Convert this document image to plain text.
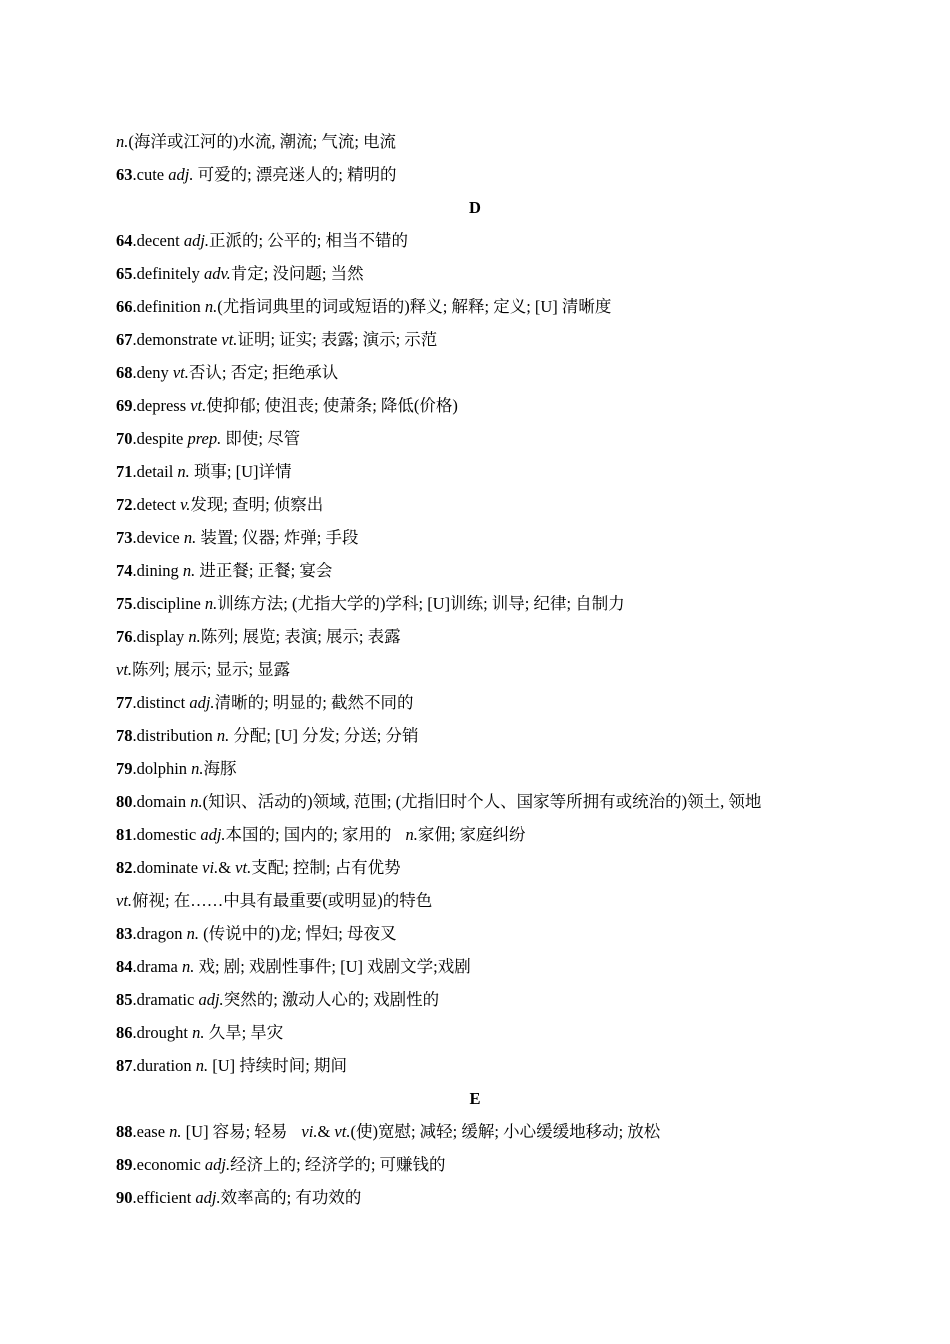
n.(海洋或江河的)水流, 潮流; 气流; 电流
63.cute adj. 可爱的; 漂亮迷人的; 精明的
D
64.decent adj.正派的; 公平的; 相当不错的
65.definitely adv.肯定; 没问题; 当然
66.definition n.(尤指词典里的词或短语的)释义; 解释; 定义; [U] 清晰度
67.demonstrate vt.证明; 证实; 表露; 演示; 示范
68.deny vt.否认; 否定; 拒绝承认
69.depress vt.使抑郁; 使沮丧; 使萧条; 降低(价格)
70.despite prep. 即使; 尽管
71.detail n. 琐事; [U]详情
72.detect v.发现; 查明; 侦察出
73.device n. 装置; 仪器; 炸弹; 手段
74.dining n. 进正餐; 正餐; 宴会
75.discipline n.训练方法; (尤指大学的)学科; [U]训练; 训导; 纪律; 自制力
76.display n.陈列; 展览; 表演; 展示; 表露
vt.陈列; 展示; 显示; 显露
77.distinct adj.清晰的; 明显的; 截然不同的
78.distribution n. 分配; [U] 分发; 分送; 分销
79.dolphin n.海豚
80.domain n.(知识、活动的)领域, 范围; (尤指旧时个人、国家等所拥有或统治的)领土, 领地
81.domestic adj.本国的; 国内的; 家用的 n.家佣; 家庭纠纷
82.dominate vi.& vt.支配; 控制; 占有优势
vt.俯视; 在……中具有最重要(或明显)的特色
83.dragon n. (传说中的)龙; 悍妇; 母夜叉
84.drama n. 戏; 剧; 戏剧性事件; [U] 戏剧文学;戏剧
85.dramatic adj.突然的; 激动人心的; 戏剧性的
86.drought n. 久旱; 旱灾
87.duration n. [U] 持续时间; 期间
E
88.ease n. [U] 容易; 轻易 vi.& vt.(使)宽慰; 减轻; 缓解; 小心缓缓地移动; 放松
89.economic adj.经济上的; 经济学的; 可赚钱的
90.efficient adj.效率高的; 有功效的
